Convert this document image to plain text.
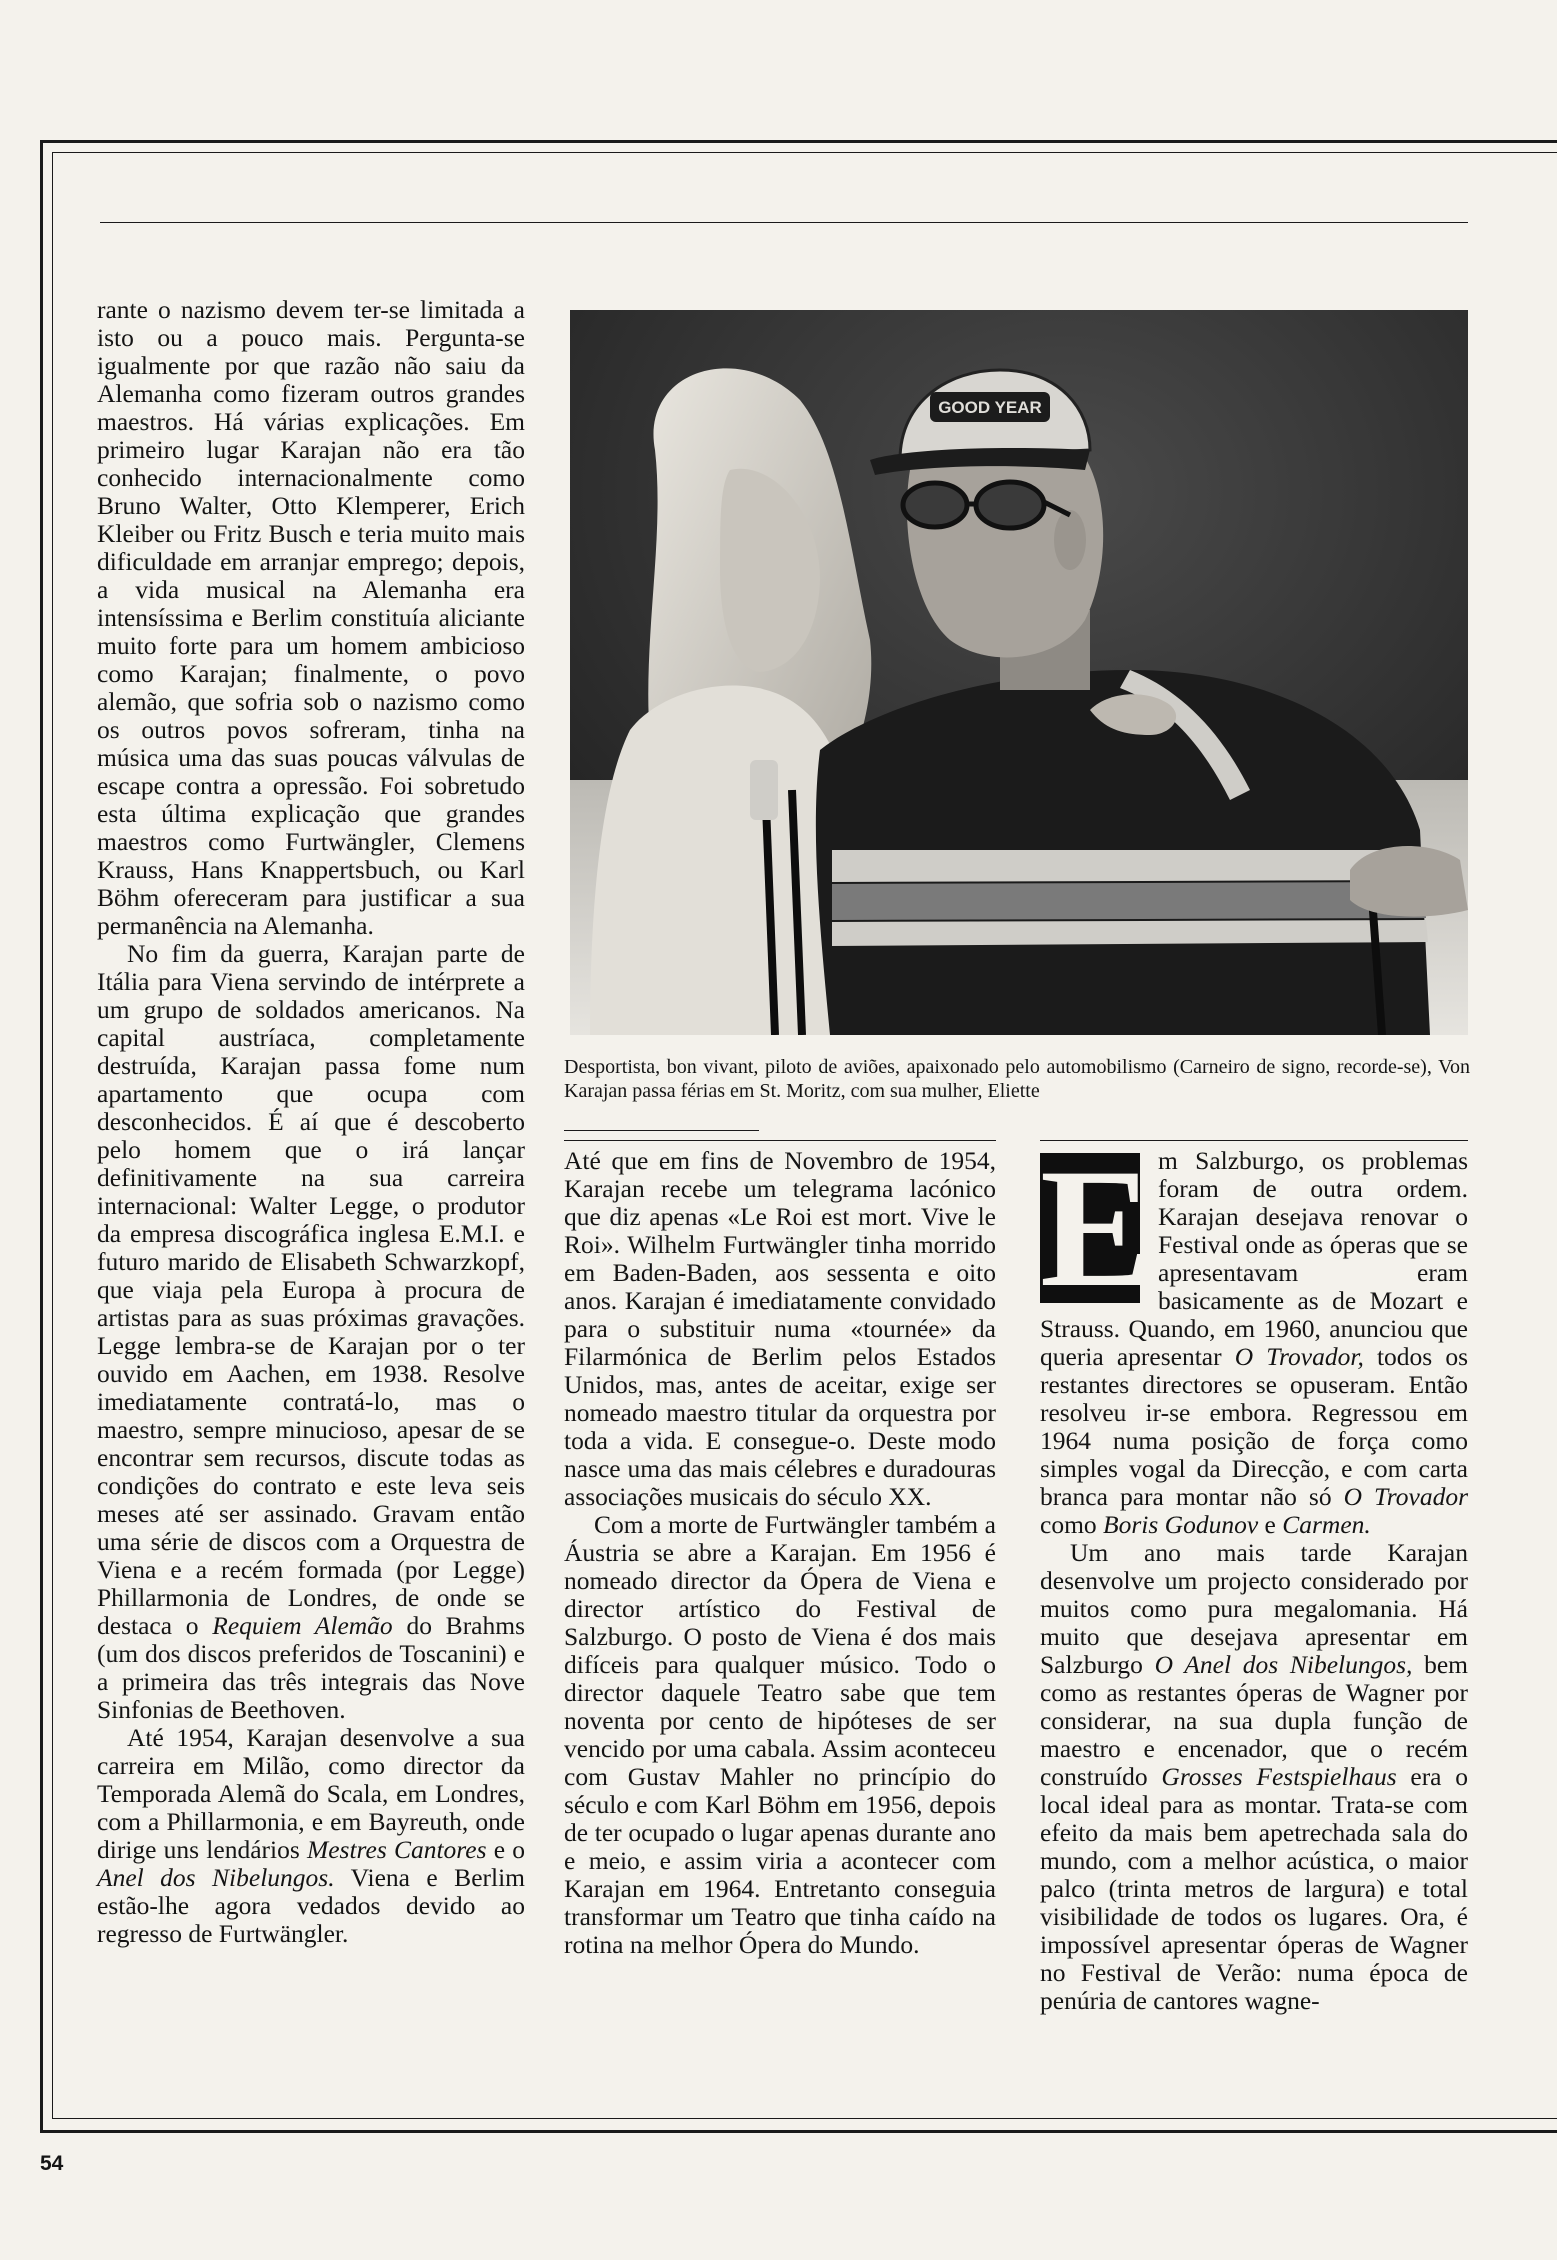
rante o nazismo devem ter-se limitada a isto ou a pouco mais. Pergunta-se igualmente por que razão não saiu da Alemanha como fizeram outros grandes maestros. Há várias explicações. Em primeiro lugar Karajan não era tão conhecido internacionalmente como Bruno Walter, Otto Klemperer, Erich Kleiber ou Fritz Busch e teria muito mais dificuldade em arranjar emprego; depois, a vida musical na Alemanha era intensíssima e Berlim constituía aliciante muito forte para um homem ambicioso como Karajan; finalmente, o povo alemão, que sofria sob o nazismo como os outros povos sofreram, tinha na música uma das suas poucas válvulas de escape contra a opressão. Foi sobretudo esta última explicação que grandes maestros como Furtwängler, Clemens Krauss, Hans Knappertsbuch, ou Karl Böhm ofereceram para justificar a sua permanência na Alemanha.

No fim da guerra, Karajan parte de Itália para Viena servindo de intérprete a um grupo de soldados americanos. Na capital austríaca, completamente destruída, Karajan passa fome num apartamento que ocupa com desconhecidos. É aí que é descoberto pelo homem que o irá lançar definitivamente na sua carreira internacional: Walter Legge, o produtor da empresa discográfica inglesa E.M.I. e futuro marido de Elisabeth Schwarzkopf, que viaja pela Europa à procura de artistas para as suas próximas gravações. Legge lembra-se de Karajan por o ter ouvido em Aachen, em 1938. Resolve imediatamente contratá-lo, mas o maestro, sempre minucioso, apesar de se encontrar sem recursos, discute todas as condições do contrato e este leva seis meses até ser assinado. Gravam então uma série de discos com a Orquestra de Viena e a recém formada (por Legge) Phillarmonia de Londres, de onde se destaca o Requiem Alemão do Brahms (um dos discos preferidos de Toscanini) e a primeira das três integrais das Nove Sinfonias de Beethoven.

Até 1954, Karajan desenvolve a sua carreira em Milão, como director da Temporada Alemã do Scala, em Londres, com a Phillarmonia, e em Bayreuth, onde dirige uns lendários Mestres Cantores e o Anel dos Nibelungos. Viena e Berlim estão-lhe agora vedados devido ao regresso de Furtwängler.

GOOD YEAR
Desportista, bon vivant, piloto de aviões, apaixonado pelo automobilismo (Carneiro de signo, recorde-se), Von Karajan passa férias em St. Moritz, com sua mulher, Eliette

Até que em fins de Novembro de 1954, Karajan recebe um telegrama lacónico que diz apenas «Le Roi est mort. Vive le Roi». Wilhelm Furtwängler tinha morrido em Baden-Baden, aos sessenta e oito anos. Karajan é imediatamente convidado para o substituir numa «tournée» da Filarmónica de Berlim pelos Estados Unidos, mas, antes de aceitar, exige ser nomeado maestro titular da orquestra por toda a vida. E consegue-o. Deste modo nasce uma das mais célebres e duradouras associações musicais do século XX.

Com a morte de Furtwängler também a Áustria se abre a Karajan. Em 1956 é nomeado director da Ópera de Viena e director artístico do Festival de Salzburgo. O posto de Viena é dos mais difíceis para qualquer músico. Todo o director daquele Teatro sabe que tem noventa por cento de hipóteses de ser vencido por uma cabala. Assim aconteceu com Gustav Mahler no princípio do século e com Karl Böhm em 1956, depois de ter ocupado o lugar apenas durante ano e meio, e assim viria a acontecer com Karajan em 1964. Entretanto conseguia transformar um Teatro que tinha caído na rotina na melhor Ópera do Mundo.

E m Salzburgo, os problemas foram de outra ordem. Karajan desejava renovar o Festival onde as óperas que se apresentavam eram basicamente as de Mozart e Strauss. Quando, em 1960, anunciou que queria apresentar O Trovador, todos os restantes directores se opuseram. Então resolveu ir-se embora. Regressou em 1964 numa posição de força como simples vogal da Direcção, e com carta branca para montar não só O Trovador como Boris Godunov e Carmen.

Um ano mais tarde Karajan desenvolve um projecto considerado por muitos como pura megalomania. Há muito que desejava apresentar em Salzburgo O Anel dos Nibelungos, bem como as restantes óperas de Wagner por considerar, na sua dupla função de maestro e encenador, que o recém construído Grosses Festspielhaus era o local ideal para as montar. Trata-se com efeito da mais bem apetrechada sala do mundo, com a melhor acústica, o maior palco (trinta metros de largura) e total visibilidade de todos os lugares. Ora, é impossível apresentar óperas de Wagner no Festival de Verão: numa época de penúria de cantores wagne-

54
